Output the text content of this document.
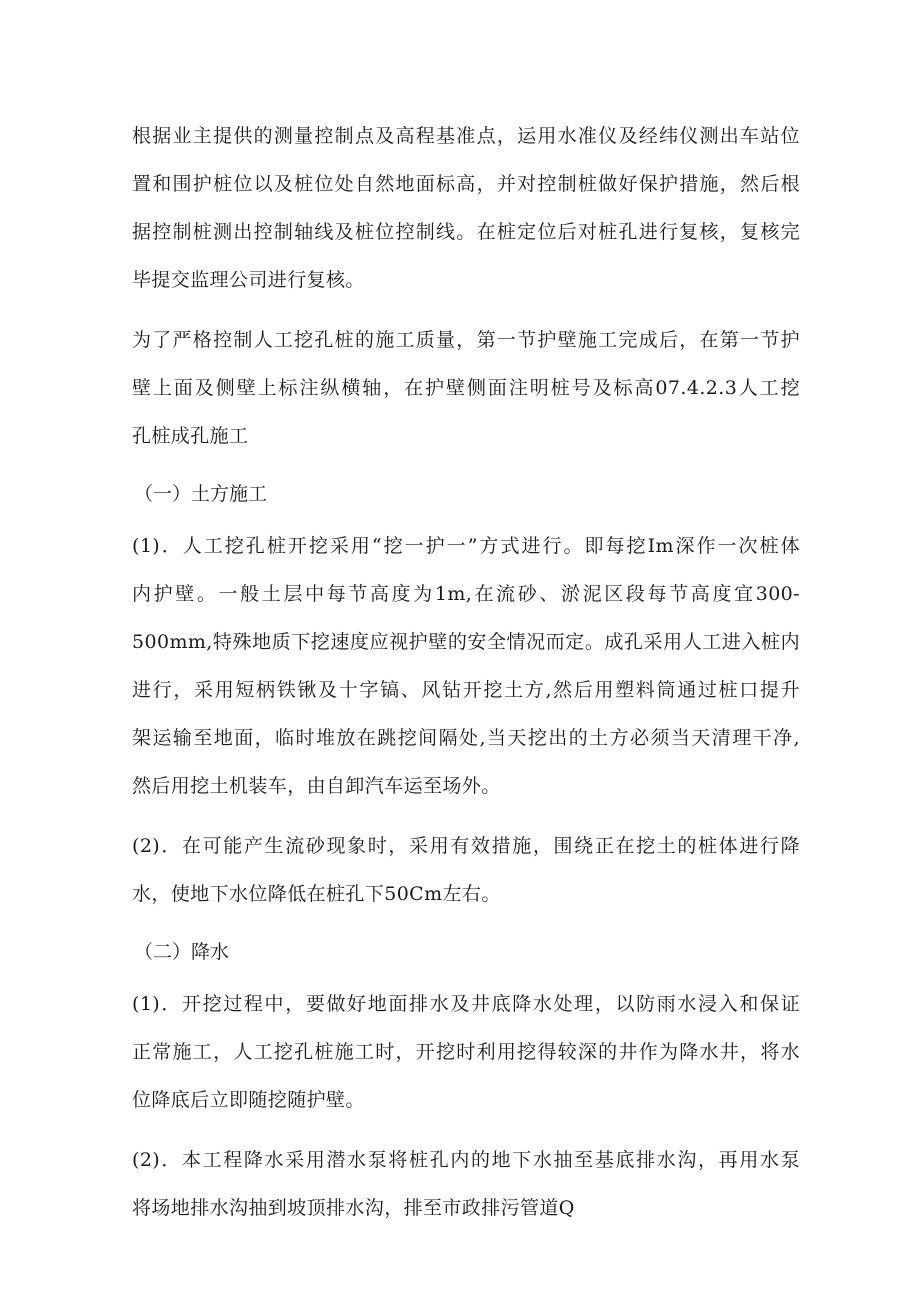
根据业主提供的测量控制点及高程基准点，运用水准仪及经纬仪测出车站位
置和围护桩位以及桩位处自然地面标高，并对控制桩做好保护措施，然后根
据控制桩测出控制轴线及桩位控制线。在桩定位后对桩孔进行复核，复核完
毕提交监理公司进行复核。

为了严格控制人工挖孔桩的施工质量，第一节护壁施工完成后，在第一节护
壁上面及侧壁上标注纵横轴，在护壁侧面注明桩号及标高07.4.2.3人工挖
孔桩成孔施工

（一）土方施工

(1)．人工挖孔桩开挖采用“挖一护一”方式进行。即每挖Im深作一次桩体
内护壁。一般土层中每节高度为1m,在流砂、淤泥区段每节高度宜300-
500mm,特殊地质下挖速度应视护壁的安全情况而定。成孔采用人工进入桩内
进行，采用短柄铁锹及十字镐、风钻开挖土方,然后用塑料筒通过桩口提升
架运输至地面，临时堆放在跳挖间隔处,当天挖出的土方必须当天清理干净,
然后用挖土机装车，由自卸汽车运至场外。

(2)．在可能产生流砂现象时，采用有效措施，围绕正在挖土的桩体进行降
水，使地下水位降低在桩孔下50Cm左右。

（二）降水

(1)．开挖过程中，要做好地面排水及井底降水处理，以防雨水浸入和保证
正常施工，人工挖孔桩施工时，开挖时利用挖得较深的井作为降水井，将水
位降底后立即随挖随护壁。

(2)．本工程降水采用潜水泵将桩孔内的地下水抽至基底排水沟，再用水泵
将场地排水沟抽到坡顶排水沟，排至市政排污管道Q
